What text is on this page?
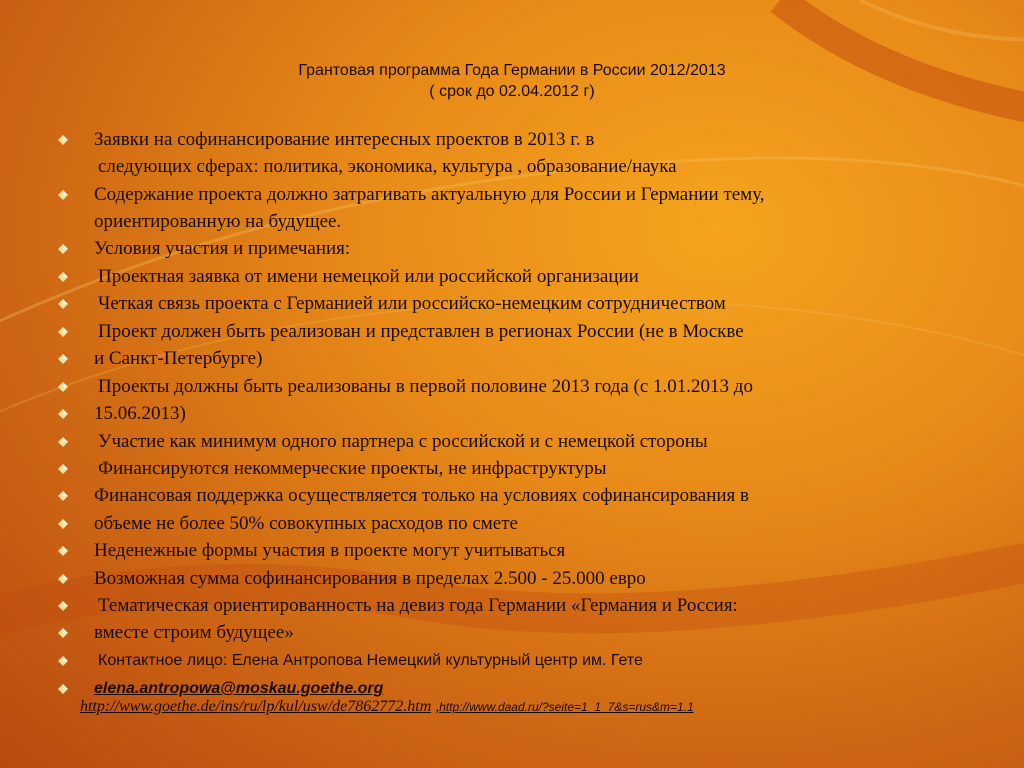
Грантовая программа Года Германии в России 2012/2013
( срок до 02.04.2012 г)
Заявки на софинансирование интересных проектов в 2013 г. в
следующих сферах: политика, экономика, культура , образование/наука
Содержание проекта должно затрагивать актуальную для России и Германии тему,
ориентированную на будущее.
Условия участия и примечания:
Проектная заявка от имени немецкой или российской организации
Четкая связь проекта с Германией или российско-немецким сотрудничеством
Проект должен быть реализован и представлен в регионах России (не в Москве
и Санкт-Петербурге)
Проекты должны быть реализованы в первой половине 2013 года (с 1.01.2013 до
15.06.2013)
Участие как минимум одного партнера с российской и с немецкой стороны
Финансируются некоммерческие проекты, не инфраструктуры
Финансовая поддержка осуществляется только на условиях софинансирования в
объеме не более 50% совокупных расходов по смете
Неденежные формы участия в проекте могут учитываться
Возможная сумма софинансирования в пределах 2.500 - 25.000 евро
Тематическая ориентированность на девиз года Германии «Германия и Россия:
вместе строим будущее»
Контактное лицо: Елена Антропова Немецкий культурный центр им. Гете
elena.antropowa@moskau.goethe.org
http://www.goethe.de/ins/ru/lp/kul/usw/de7862772.htm ,http://www.daad.ru/?seite=1_1_7&s=rus&m=1.1
